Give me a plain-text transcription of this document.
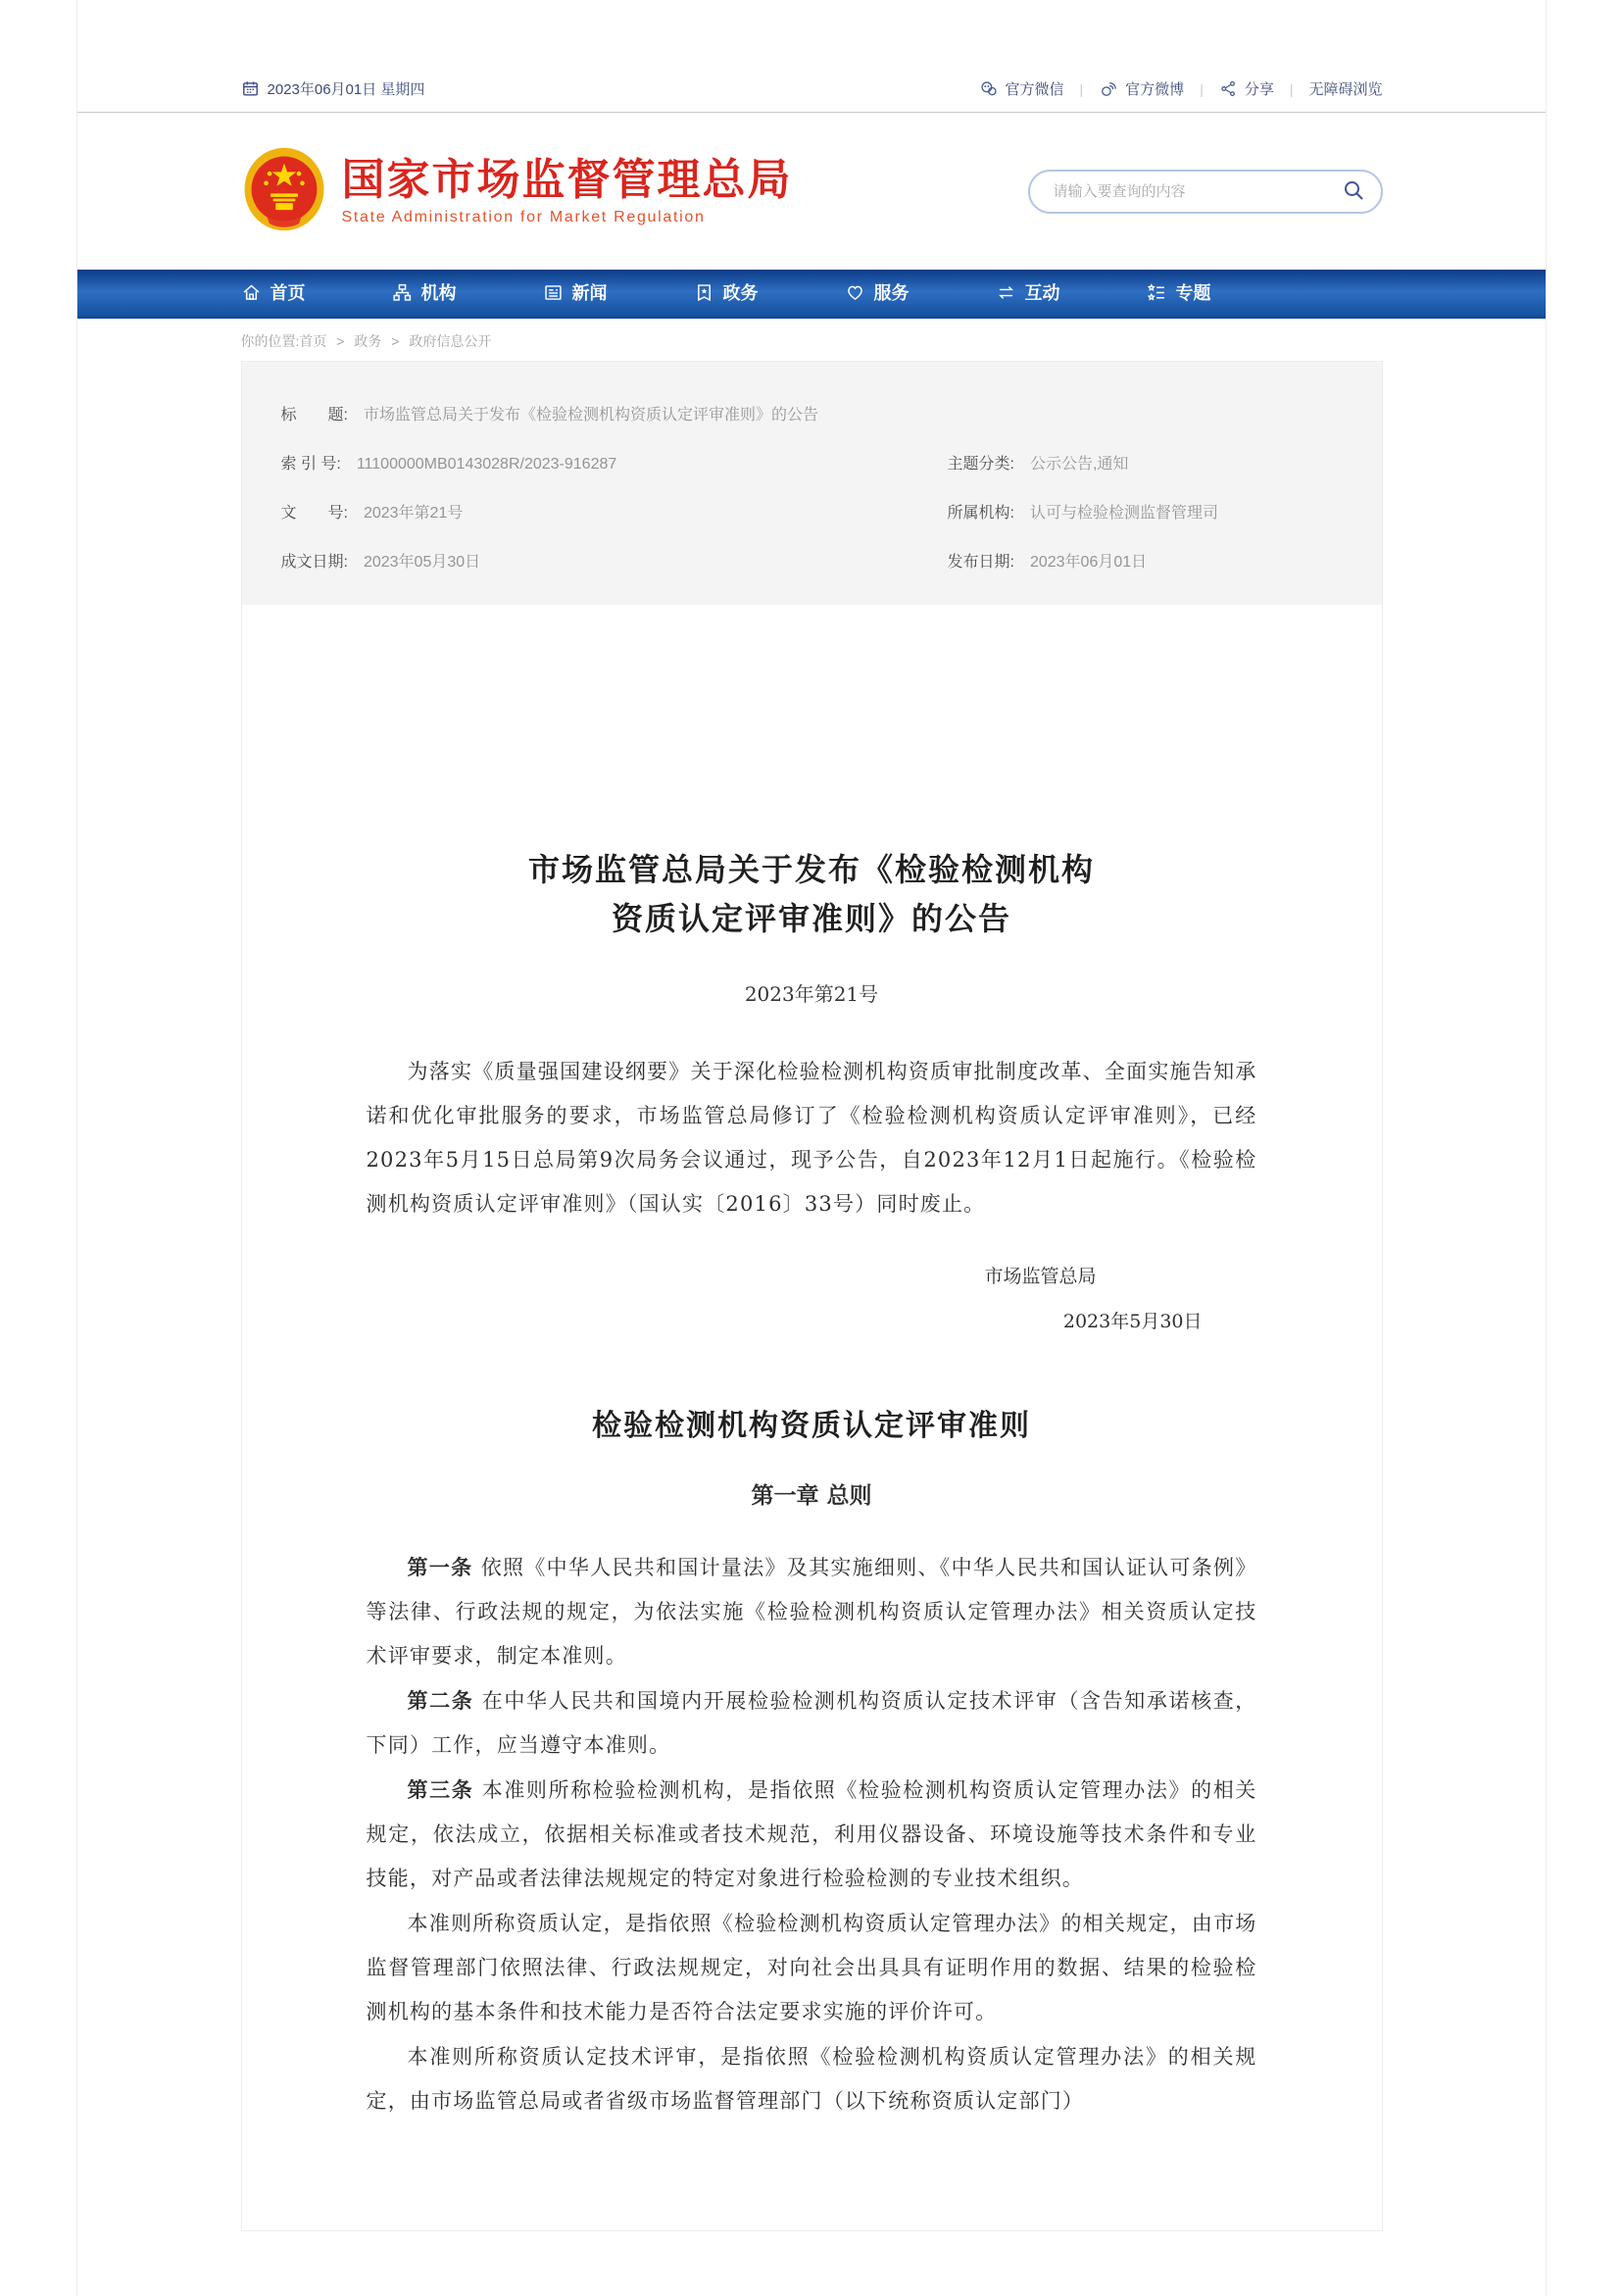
2023年06月01日 星期四	官方微信 |	官方微博 |	分享 | 无障碍浏览
国家市场监督管理总局
State Administration for Market Regulation
请输入要查询的内容
首页	机构	新闻	政务	服务	互动	专题
你的位置:首页 > 政务 > 政府信息公开
标　　题: 市场监管总局关于发布《检验检测机构资质认定评审准则》的公告
索 引 号: 11100000MB0143028R/2023-916287	主题分类: 公示公告,通知
文　　号: 2023年第21号	所属机构: 认可与检验检测监督管理司
成文日期: 2023年05月30日	发布日期: 2023年06月01日
市场监管总局关于发布《检验检测机构
资质认定评审准则》的公告
2023年第21号

为落实《质量强国建设纲要》关于深化检验检测机构资质审批制度改革、全面实施告知承诺和优化审批服务的要求，市场监管总局修订了《检验检测机构资质认定评审准则》，已经2023年5月15日总局第9次局务会议通过，现予公告，自2023年12月1日起施行。《检验检测机构资质认定评审准则》（国认实〔2016〕33号）同时废止。

市场监管总局
2023年5月30日
检验检测机构资质认定评审准则
第一章 总则

第一条 依照《中华人民共和国计量法》及其实施细则、《中华人民共和国认证认可条例》等法律、行政法规的规定，为依法实施《检验检测机构资质认定管理办法》相关资质认定技术评审要求，制定本准则。

第二条 在中华人民共和国境内开展检验检测机构资质认定技术评审（含告知承诺核查，下同）工作，应当遵守本准则。

第三条 本准则所称检验检测机构，是指依照《检验检测机构资质认定管理办法》的相关规定，依法成立，依据相关标准或者技术规范，利用仪器设备、环境设施等技术条件和专业技能，对产品或者法律法规规定的特定对象进行检验检测的专业技术组织。

本准则所称资质认定，是指依照《检验检测机构资质认定管理办法》的相关规定，由市场监督管理部门依照法律、行政法规规定，对向社会出具具有证明作用的数据、结果的检验检测机构的基本条件和技术能力是否符合法定要求实施的评价许可。

本准则所称资质认定技术评审，是指依照《检验检测机构资质认定管理办法》的相关规定，由市场监管总局或者省级市场监督管理部门（以下统称资质认定部门）
